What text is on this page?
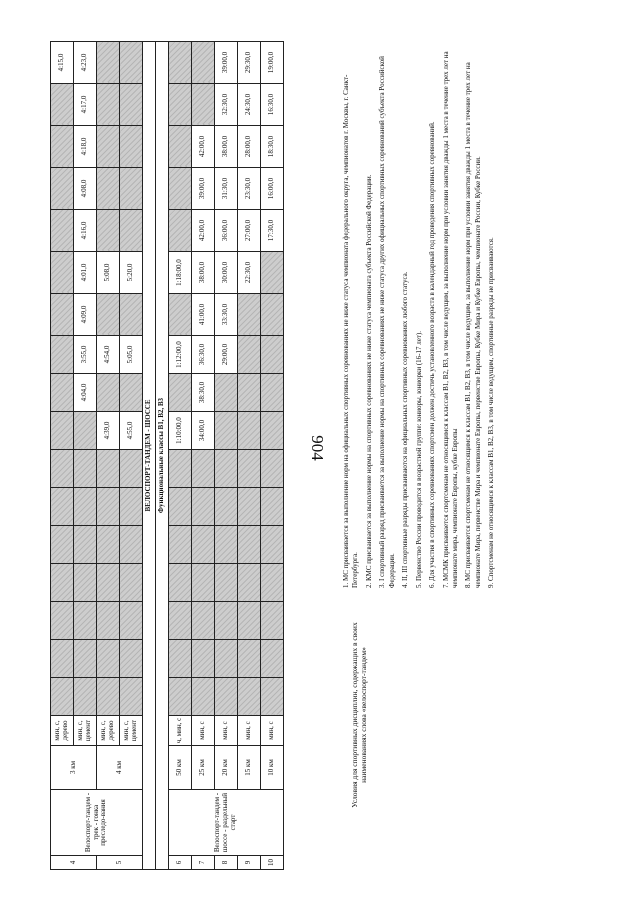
904
4	Велоспорт-тандем - трек - гонка преследо-вания	3 км	мин, с, дерево																	4:15,0
			мин, с, цемент									4:04,0	3:55,0	4:09,0	4:01,0	4:16,0	4:08,0	4:18,0	4:17,0	4:23,0
5		4 км	мин, с, дерево								4:39,0		4:54,0		5:08,0					
			мин, с, цемент								4:55,0		5:05,0		5:20,0					
ВЕЛОСПОРТ-ТАНДЕМ - ШОССЕ																				
Функциональные классы В1, В2, В3																				
6	Велоспорт-тандем - шоссе - раздельный старт	50 км	ч, мин, с								1:10:00,0		1:12:00,0		1:18:00,0					
7		25 км	мин, с								34:00,0	38:30,0	36:30,0	41:00,0	38:00,0	42:00,0	39:00,0	42:00,0		
8		20 км	мин, с										29:00,0	33:30,0	30:00,0	36:00,0	31:30,0	38:00,0	32:30,0	39:00,0
9		15 км	мин, с												22:30,0	27:00,0	23:30,0	28:00,0	24:30,0	29:30,0
10		10 км	мин, с													17:30,0	16:00,0	18:30,0	16:30,0	19:00,0
1. МС присваивается за выполнение норм на официальных спортивных соревнованиях не ниже статуса чемпионата федерального округа, чемпионатов г. Москвы, г. Санкт-Петербурга. 2. КМС присваивается за выполнение нормы на спортивных соревнованиях не ниже статуса чемпионата субъекта Российской Федерации. 3. I спортивный разряд присваивается за выполнение нормы на спортивных соревнованиях не ниже статуса других официальных спортивных соревнований субъекта Российской Федерации. 4. II, III спортивные разряды присваиваются на официальных спортивных соревнованиях любого статуса. 5. Первенство России проводится в возрастной группе: юниоры, юниорки (16-17 лет). 6. Для участия в спортивных соревнованиях спортсмен должен достичь установленного возраста в календарный год проведения спортивных соревнований. 7. МСМК присваивается спортсменам не относящимся к классам В1, В2, В3, в том числе ведущим, за выполнение норм при условии занятия дважды 1 места в течение трех лет на чемпионате мира, чемпионате Европы, кубке Европы 8. МС присваивается спортсменам не относящимся к классам В1, В2, В3, в том числе ведущим, за выполнение норм при условии занятия дважды 1 места в течение трех лет на чемпионате Мира, первенстве Мира и чемпионате Европы, первенстве Европы, Кубке Мира и Кубке Европы, чемпионате России, Кубке России. 9. Спортсменам не относящимся к классам В1, В2, В3, в том числе ведущим, спортивные разряды не присваиваются.
Условия для спортивных дисциплин, содержащих в своих наименованиях слова «велоспорт-тандем»
